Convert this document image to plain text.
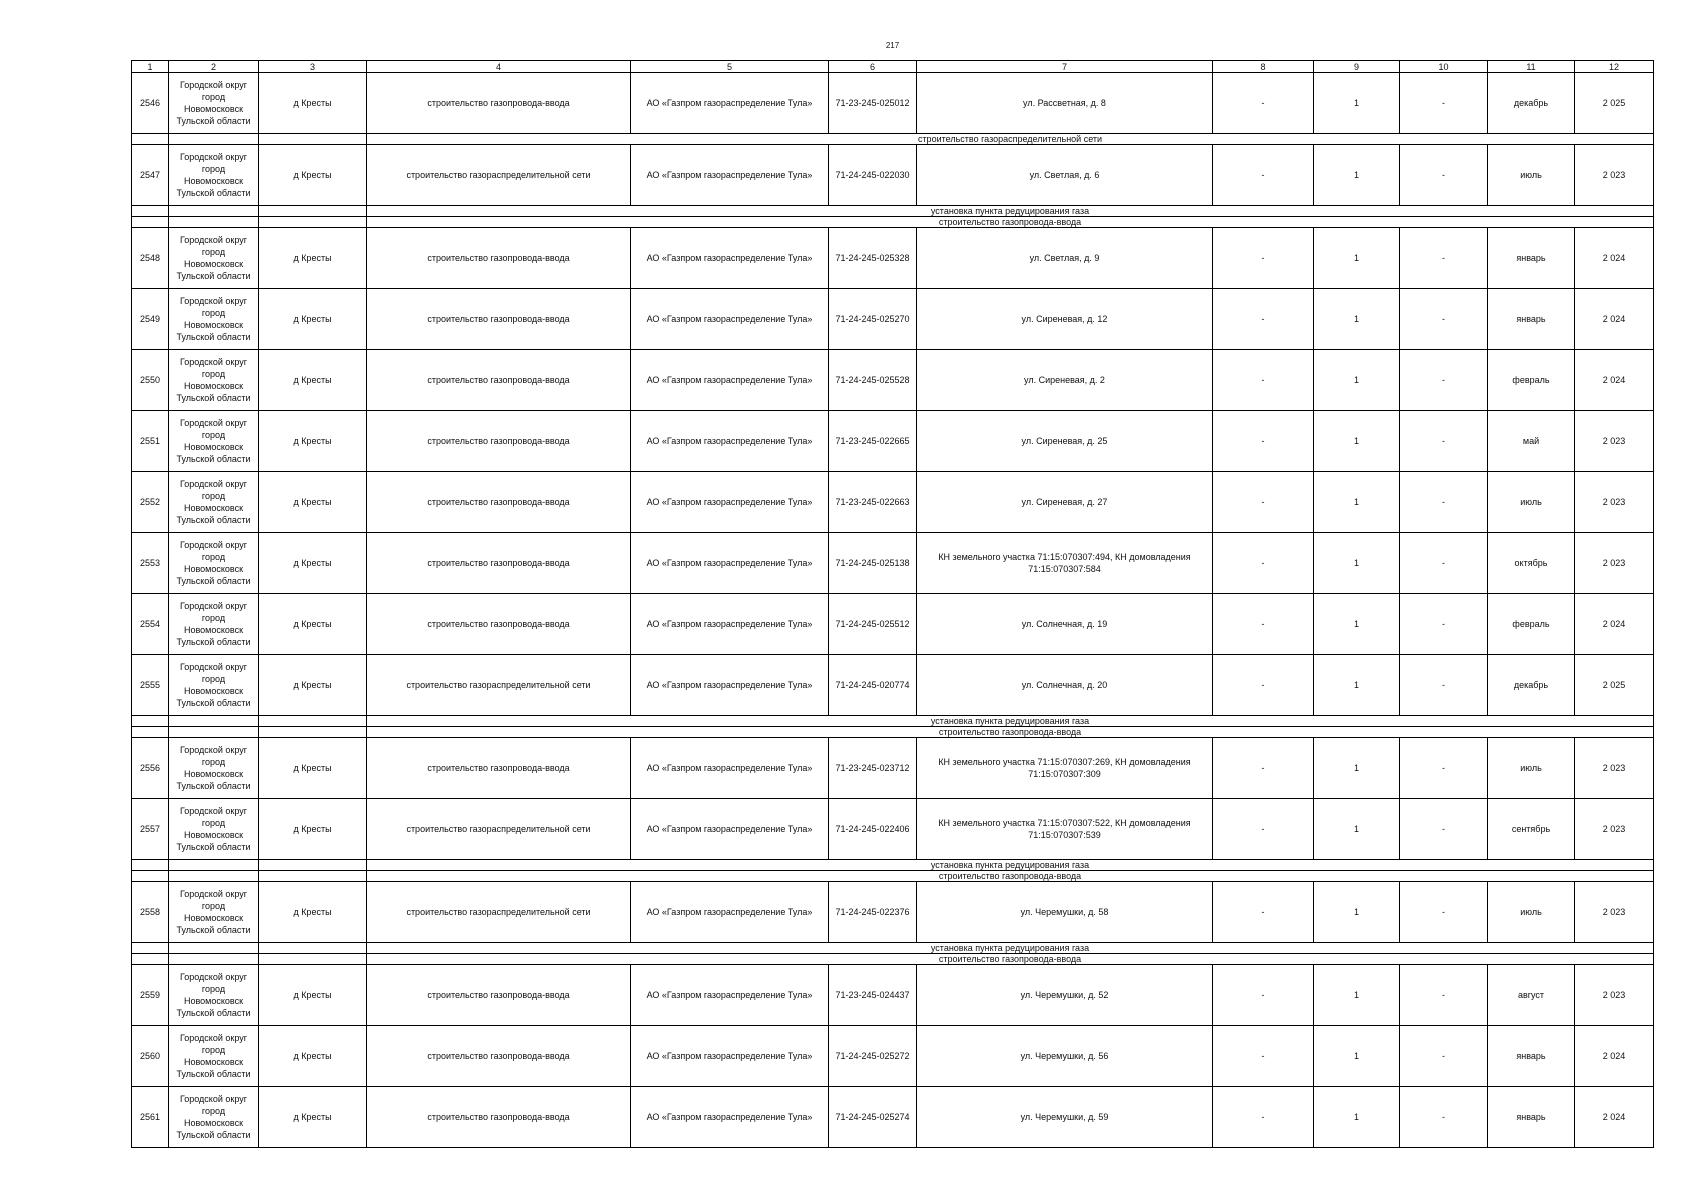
217
1	2	3	4	5	6	7	8	9	10	11	12
2546	Городской округ
город
Новомосковск
Тульской области	д Кресты	строительство газопровода-ввода	АО «Газпром газораспределение Тула»	71-23-245-025012	ул. Рассветная, д. 8	-	1	-	декабрь	2 025
			строительство газораспределительной сети								
2547	Городской округ
город
Новомосковск
Тульской области	д Кресты	строительство газораспределительной сети	АО «Газпром газораспределение Тула»	71-24-245-022030	ул. Светлая, д. 6	-	1	-	июль	2 023
			установка пункта редуцирования газа								
			строительство газопровода-ввода								
2548	Городской округ
город
Новомосковск
Тульской области	д Кресты	строительство газопровода-ввода	АО «Газпром газораспределение Тула»	71-24-245-025328	ул. Светлая, д. 9	-	1	-	январь	2 024
2549	Городской округ
город
Новомосковск
Тульской области	д Кресты	строительство газопровода-ввода	АО «Газпром газораспределение Тула»	71-24-245-025270	ул. Сиреневая, д. 12	-	1	-	январь	2 024
2550	Городской округ
город
Новомосковск
Тульской области	д Кресты	строительство газопровода-ввода	АО «Газпром газораспределение Тула»	71-24-245-025528	ул. Сиреневая, д. 2	-	1	-	февраль	2 024
2551	Городской округ
город
Новомосковск
Тульской области	д Кресты	строительство газопровода-ввода	АО «Газпром газораспределение Тула»	71-23-245-022665	ул. Сиреневая, д. 25	-	1	-	май	2 023
2552	Городской округ
город
Новомосковск
Тульской области	д Кресты	строительство газопровода-ввода	АО «Газпром газораспределение Тула»	71-23-245-022663	ул. Сиреневая, д. 27	-	1	-	июль	2 023
2553	Городской округ
город
Новомосковск
Тульской области	д Кресты	строительство газопровода-ввода	АО «Газпром газораспределение Тула»	71-24-245-025138	КН земельного участка 71:15:070307:494, КН домовладения 71:15:070307:584	-	1	-	октябрь	2 023
2554	Городской округ
город
Новомосковск
Тульской области	д Кресты	строительство газопровода-ввода	АО «Газпром газораспределение Тула»	71-24-245-025512	ул. Солнечная, д. 19	-	1	-	февраль	2 024
2555	Городской округ
город
Новомосковск
Тульской области	д Кресты	строительство газораспределительной сети	АО «Газпром газораспределение Тула»	71-24-245-020774	ул. Солнечная, д. 20	-	1	-	декабрь	2 025
			установка пункта редуцирования газа								
			строительство газопровода-ввода								
2556	Городской округ
город
Новомосковск
Тульской области	д Кресты	строительство газопровода-ввода	АО «Газпром газораспределение Тула»	71-23-245-023712	КН земельного участка 71:15:070307:269, КН домовладения 71:15:070307:309	-	1	-	июль	2 023
2557	Городской округ
город
Новомосковск
Тульской области	д Кресты	строительство газораспределительной сети	АО «Газпром газораспределение Тула»	71-24-245-022406	КН земельного участка 71:15:070307:522, КН домовладения 71:15:070307:539	-	1	-	сентябрь	2 023
			установка пункта редуцирования газа								
			строительство газопровода-ввода								
2558	Городской округ
город
Новомосковск
Тульской области	д Кресты	строительство газораспределительной сети	АО «Газпром газораспределение Тула»	71-24-245-022376	ул. Черемушки, д. 58	-	1	-	июль	2 023
			установка пункта редуцирования газа								
			строительство газопровода-ввода								
2559	Городской округ
город
Новомосковск
Тульской области	д Кресты	строительство газопровода-ввода	АО «Газпром газораспределение Тула»	71-23-245-024437	ул. Черемушки, д. 52	-	1	-	август	2 023
2560	Городской округ
город
Новомосковск
Тульской области	д Кресты	строительство газопровода-ввода	АО «Газпром газораспределение Тула»	71-24-245-025272	ул. Черемушки, д. 56	-	1	-	январь	2 024
2561	Городской округ
город
Новомосковск
Тульской области	д Кресты	строительство газопровода-ввода	АО «Газпром газораспределение Тула»	71-24-245-025274	ул. Черемушки, д. 59	-	1	-	январь	2 024
